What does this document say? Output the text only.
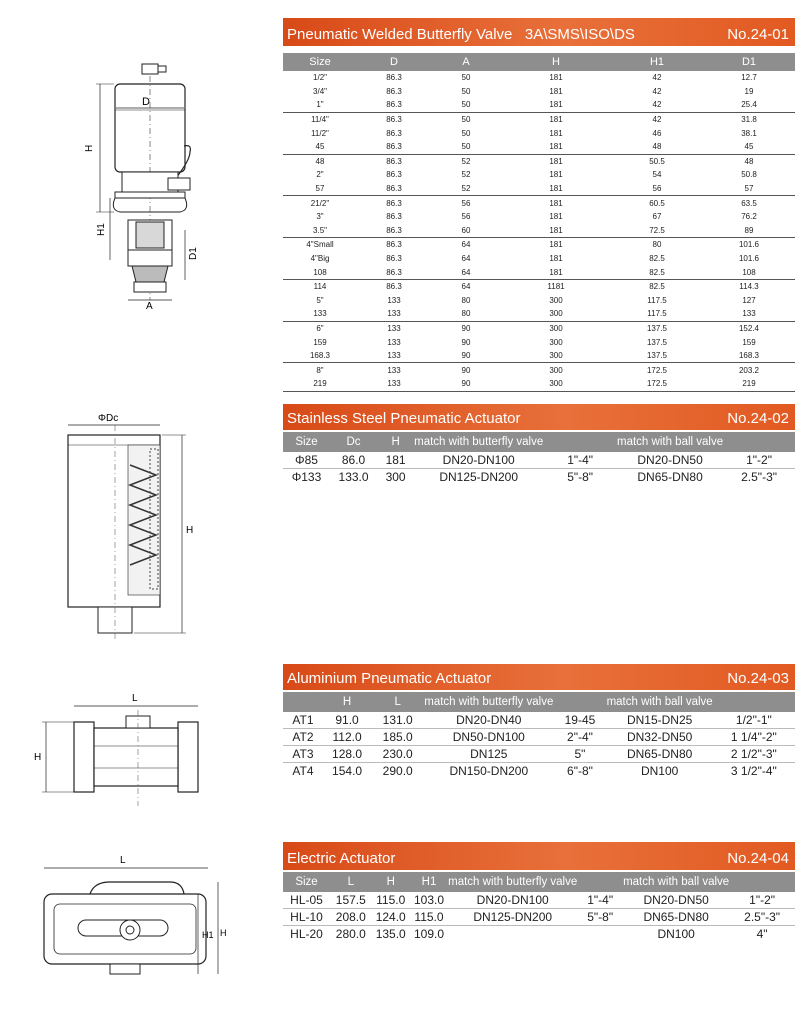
D
H
H1
D1
A
Pneumatic Welded Butterfly Valve 3A\SMS\ISO\DS	No.24-01
Size	D	A	H	H1	D1
1/2"	86.3	50	181	42	12.7
3/4"	86.3	50	181	42	19
1"	86.3	50	181	42	25.4
11/4"	86.3	50	181	42	31.8
11/2"	86.3	50	181	46	38.1
45	86.3	50	181	48	45
48	86.3	52	181	50.5	48
2"	86.3	52	181	54	50.8
57	86.3	52	181	56	57
21/2"	86.3	56	181	60.5	63.5
3"	86.3	56	181	67	76.2
3.5"	86.3	60	181	72.5	89
4"Small	86.3	64	181	80	101.6
4"Big	86.3	64	181	82.5	101.6
108	86.3	64	181	82.5	108
114	86.3	64	1181	82.5	114.3
5"	133	80	300	117.5	127
133	133	80	300	117.5	133
6"	133	90	300	137.5	152.4
159	133	90	300	137.5	159
168.3	133	90	300	137.5	168.3
8"	133	90	300	172.5	203.2
219	133	90	300	172.5	219
ΦDc
H
Stainless Steel Pneumatic Actuator	No.24-02
Size	Dc	H	match with butterfly valve		match with ball valve	
Φ85	86.0	181	DN20-DN100	1"-4"	DN20-DN50	1"-2"
Φ133	133.0	300	DN125-DN200	5"-8"	DN65-DN80	2.5"-3"
L
H
Aluminium Pneumatic Actuator	No.24-03
	H	L	match with butterfly valve		match with ball valve	
AT1	91.0	131.0	DN20-DN40	19-45	DN15-DN25	1/2"-1"
AT2	112.0	185.0	DN50-DN100	2"-4"	DN32-DN50	1 1/4"-2"
AT3	128.0	230.0	DN125	5"	DN65-DN80	2 1/2"-3"
AT4	154.0	290.0	DN150-DN200	6"-8"	DN100	3 1/2"-4"
L
H1 H
Electric Actuator	No.24-04
Size	L	H	H1	match with butterfly valve		match with ball valve	
HL-05	157.5	115.0	103.0	DN20-DN100	1"-4"	DN20-DN50	1"-2"
HL-10	208.0	124.0	115.0	DN125-DN200	5"-8"	DN65-DN80	2.5"-3"
HL-20	280.0	135.0	109.0			DN100	4"
